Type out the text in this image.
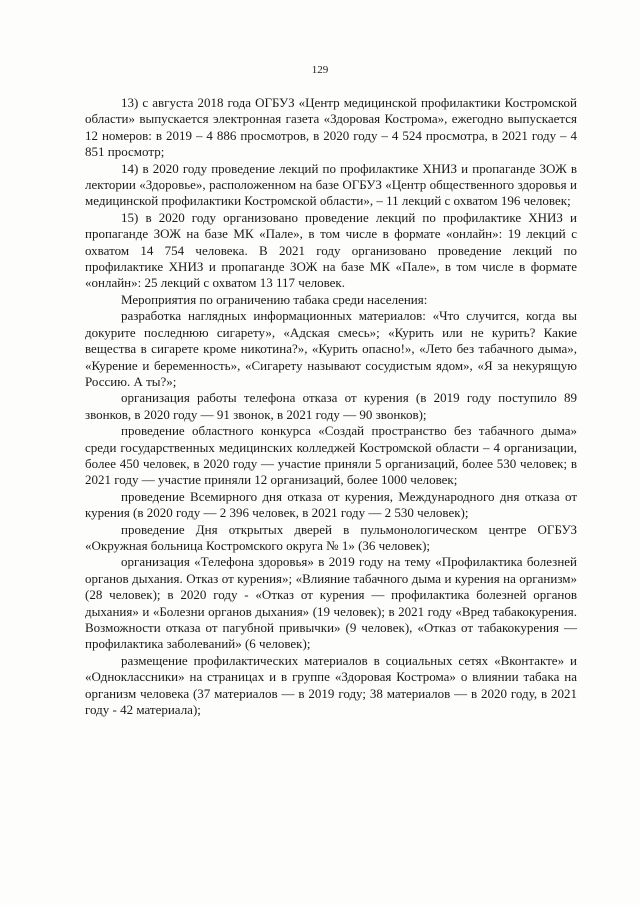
129

13) с августа 2018 года ОГБУЗ «Центр медицинской профилактики Костромской области» выпускается электронная газета «Здоровая Кострома», ежегодно выпускается 12 номеров: в 2019 – 4 886 просмотров, в 2020 году – 4 524 просмотра, в 2021 году – 4 851 просмотр;

14) в 2020 году проведение лекций по профилактике ХНИЗ и пропаганде ЗОЖ в лектории «Здоровье», расположенном на базе ОГБУЗ «Центр общественного здоровья и медицинской профилактики Костромской области», – 11 лекций с охватом 196 человек;

15) в 2020 году организовано проведение лекций по профилактике ХНИЗ и пропаганде ЗОЖ на базе МК «Пале», в том числе в формате «онлайн»: 19 лекций с охватом 14 754 человека. В 2021 году организовано проведение лекций по профилактике ХНИЗ и пропаганде ЗОЖ на базе МК «Пале», в том числе в формате «онлайн»: 25 лекций с охватом 13 117 человек.

Мероприятия по ограничению табака среди населения:

разработка наглядных информационных материалов: «Что случится, когда вы докурите последнюю сигарету», «Адская смесь»; «Курить или не курить? Какие вещества в сигарете кроме никотина?», «Курить опасно!», «Лето без табачного дыма», «Курение и беременность», «Сигарету называют сосудистым ядом», «Я за некурящую Россию. А ты?»;

организация работы телефона отказа от курения (в 2019 году поступило 89 звонков, в 2020 году — 91 звонок, в 2021 году — 90 звонков);

проведение областного конкурса «Создай пространство без табачного дыма» среди государственных медицинских колледжей Костромской области – 4 организации, более 450 человек, в 2020 году — участие приняли 5 организаций, более 530 человек; в 2021 году — участие приняли 12 организаций, более 1000 человек;

проведение Всемирного дня отказа от курения, Международного дня отказа от курения (в 2020 году — 2 396 человек, в 2021 году — 2 530 человек);

проведение Дня открытых дверей в пульмонологическом центре ОГБУЗ «Окружная больница Костромского округа № 1» (36 человек);

организация «Телефона здоровья» в 2019 году на тему «Профилактика болезней органов дыхания. Отказ от курения»; «Влияние табачного дыма и курения на организм» (28 человек); в 2020 году - «Отказ от курения — профилактика болезней органов дыхания» и «Болезни органов дыхания» (19 человек); в 2021 году «Вред табакокурения. Возможности отказа от пагубной привычки» (9 человек), «Отказ от табакокурения — профилактика заболеваний» (6 человек);

размещение профилактических материалов в социальных сетях «Вконтакте» и «Одноклассники» на страницах и в группе «Здоровая Кострома» о влиянии табака на организм человека (37 материалов — в 2019 году; 38 материалов — в 2020 году, в 2021 году - 42 материала);
